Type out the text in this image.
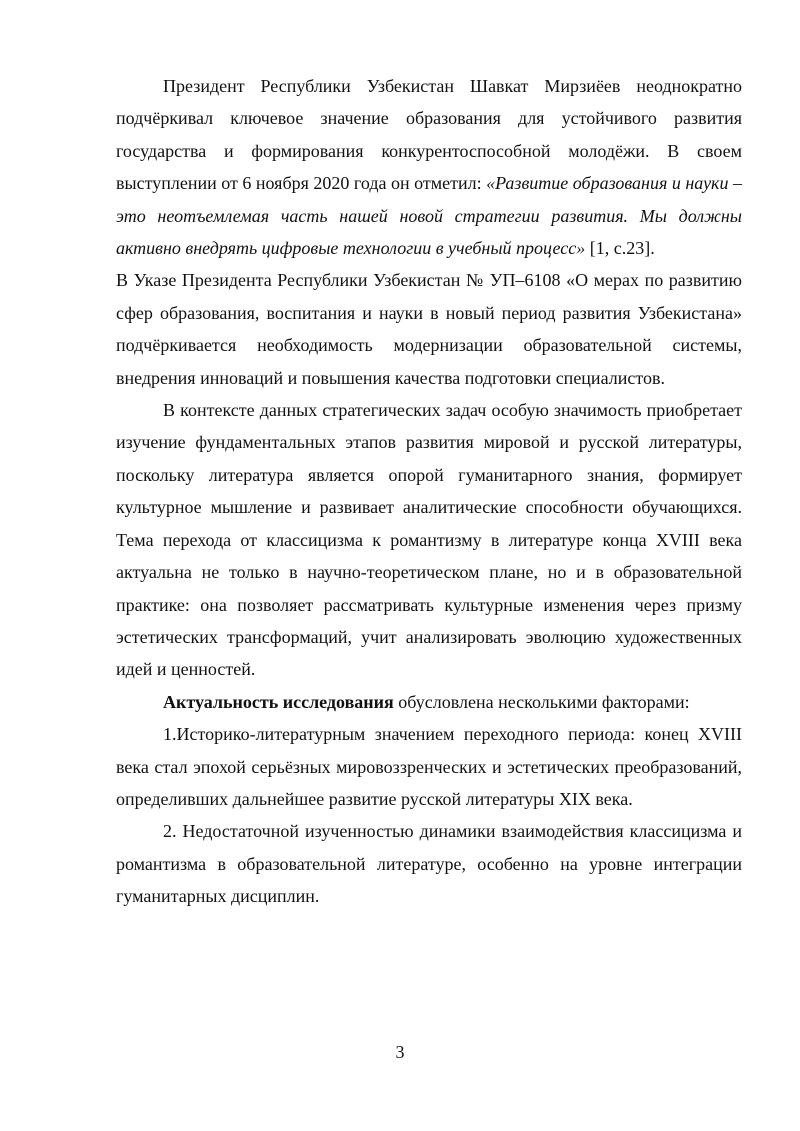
Президент Республики Узбекистан Шавкат Мирзиёев неоднократно подчёркивал ключевое значение образования для устойчивого развития государства и формирования конкурентоспособной молодёжи. В своем выступлении от 6 ноября 2020 года он отметил: «Развитие образования и науки – это неотъемлемая часть нашей новой стратегии развития. Мы должны активно внедрять цифровые технологии в учебный процесс» [1, с.23].

В Указе Президента Республики Узбекистан № УП–6108 «О мерах по развитию сфер образования, воспитания и науки в новый период развития Узбекистана» подчёркивается необходимость модернизации образовательной системы, внедрения инноваций и повышения качества подготовки специалистов.

В контексте данных стратегических задач особую значимость приобретает изучение фундаментальных этапов развития мировой и русской литературы, поскольку литература является опорой гуманитарного знания, формирует культурное мышление и развивает аналитические способности обучающихся. Тема перехода от классицизма к романтизму в литературе конца XVIII века актуальна не только в научно-теоретическом плане, но и в образовательной практике: она позволяет рассматривать культурные изменения через призму эстетических трансформаций, учит анализировать эволюцию художественных идей и ценностей.

Актуальность исследования обусловлена несколькими факторами:

1.Историко-литературным значением переходного периода: конец XVIII века стал эпохой серьёзных мировоззренческих и эстетических преобразований, определивших дальнейшее развитие русской литературы XIX века.

2. Недостаточной изученностью динамики взаимодействия классицизма и романтизма в образовательной литературе, особенно на уровне интеграции гуманитарных дисциплин.

3
